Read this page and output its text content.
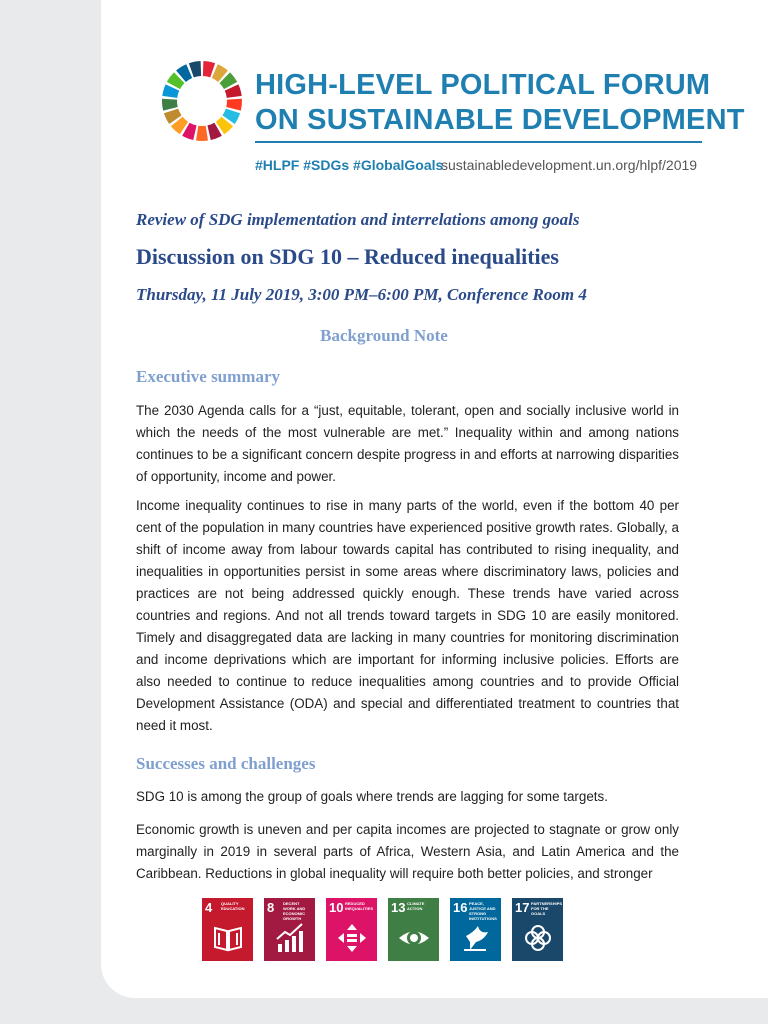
HIGH-LEVEL POLITICAL FORUM
ON SUSTAINABLE DEVELOPMENT
#HLPF #SDGs #GlobalGoals
sustainabledevelopment.un.org/hlpf/2019
Review of SDG implementation and interrelations among goals
Discussion on SDG 10 – Reduced inequalities
Thursday, 11 July 2019, 3:00 PM–6:00 PM, Conference Room 4
Background Note
Executive summary
The 2030 Agenda calls for a “just, equitable, tolerant, open and socially inclusive world in which the needs of the most vulnerable are met.” Inequality within and among nations continues to be a significant concern despite progress in and efforts at narrowing disparities of opportunity, income and power.
Income inequality continues to rise in many parts of the world, even if the bottom 40 per cent of the population in many countries have experienced positive growth rates. Globally, a shift of income away from labour towards capital has contributed to rising inequality, and inequalities in opportunities persist in some areas where discriminatory laws, policies and practices are not being addressed quickly enough. These trends have varied across countries and regions. And not all trends toward targets in SDG 10 are easily monitored. Timely and disaggregated data are lacking in many countries for monitoring discrimination and income deprivations which are important for informing inclusive policies. Efforts are also needed to continue to reduce inequalities among countries and to provide Official Development Assistance (ODA) and special and differentiated treatment to countries that need it most.
Successes and challenges
SDG 10 is among the group of goals where trends are lagging for some targets.
Economic growth is uneven and per capita incomes are projected to stagnate or grow only marginally in 2019 in several parts of Africa, Western Asia, and Latin America and the Caribbean. Reductions in global inequality will require both better policies, and stronger
4 QUALITY EDUCATION	8 DECENT WORK AND ECONOMIC GROWTH
10 REDUCED INEQUALITIES 13 CLIMATE ACTION	16 PEACE, JUSTICE AND STRONG INSTITUTIONS
17 PARTNERSHIPS FOR THE GOALS
